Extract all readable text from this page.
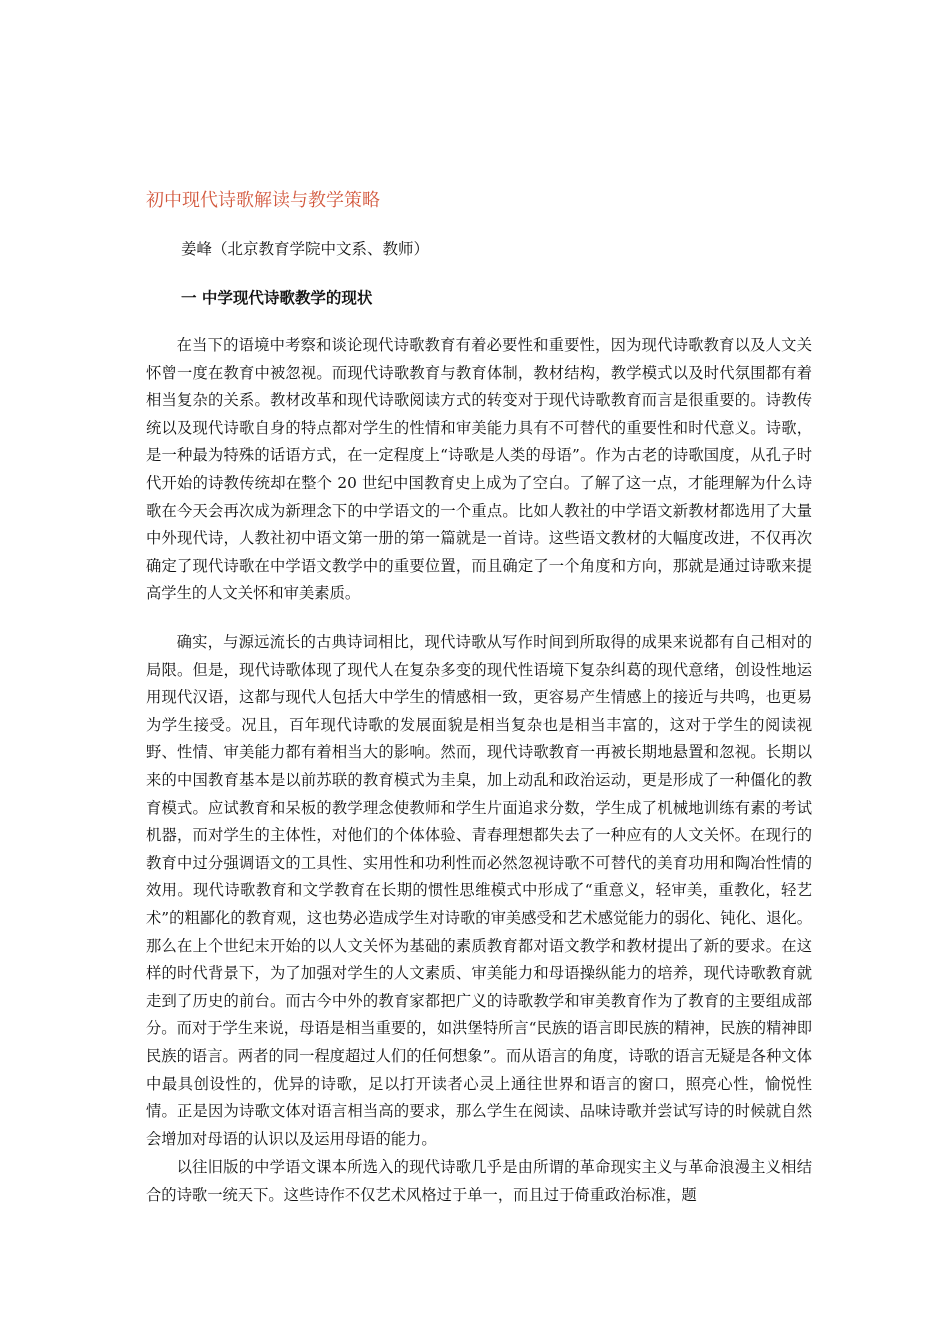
初中现代诗歌解读与教学策略
姜峰（北京教育学院中文系、教师）
一 中学现代诗歌教学的现状

在当下的语境中考察和谈论现代诗歌教育有着必要性和重要性，因为现代诗歌教育以及人文关怀曾一度在教育中被忽视。而现代诗歌教育与教育体制，教材结构，教学模式以及时代氛围都有着相当复杂的关系。教材改革和现代诗歌阅读方式的转变对于现代诗歌教育而言是很重要的。诗教传统以及现代诗歌自身的特点都对学生的性情和审美能力具有不可替代的重要性和时代意义。诗歌，是一种最为特殊的话语方式，在一定程度上“诗歌是人类的母语”。作为古老的诗歌国度，从孔子时代开始的诗教传统却在整个 20 世纪中国教育史上成为了空白。了解了这一点，才能理解为什么诗歌在今天会再次成为新理念下的中学语文的一个重点。比如人教社的中学语文新教材都选用了大量中外现代诗，人教社初中语文第一册的第一篇就是一首诗。这些语文教材的大幅度改进，不仅再次确定了现代诗歌在中学语文教学中的重要位置，而且确定了一个角度和方向，那就是通过诗歌来提高学生的人文关怀和审美素质。

确实，与源远流长的古典诗词相比，现代诗歌从写作时间到所取得的成果来说都有自己相对的局限。但是，现代诗歌体现了现代人在复杂多变的现代性语境下复杂纠葛的现代意绪，创设性地运用现代汉语，这都与现代人包括大中学生的情感相一致，更容易产生情感上的接近与共鸣，也更易为学生接受。况且，百年现代诗歌的发展面貌是相当复杂也是相当丰富的，这对于学生的阅读视野、性情、审美能力都有着相当大的影响。然而，现代诗歌教育一再被长期地悬置和忽视。长期以来的中国教育基本是以前苏联的教育模式为圭臬，加上动乱和政治运动，更是形成了一种僵化的教育模式。应试教育和呆板的教学理念使教师和学生片面追求分数，学生成了机械地训练有素的考试机器，而对学生的主体性，对他们的个体体验、青春理想都失去了一种应有的人文关怀。在现行的教育中过分强调语文的工具性、实用性和功利性而必然忽视诗歌不可替代的美育功用和陶冶性情的效用。现代诗歌教育和文学教育在长期的惯性思维模式中形成了“重意义，轻审美，重教化，轻艺术”的粗鄙化的教育观，这也势必造成学生对诗歌的审美感受和艺术感觉能力的弱化、钝化、退化。那么在上个世纪末开始的以人文关怀为基础的素质教育都对语文教学和教材提出了新的要求。在这样的时代背景下，为了加强对学生的人文素质、审美能力和母语操纵能力的培养，现代诗歌教育就走到了历史的前台。而古今中外的教育家都把广义的诗歌教学和审美教育作为了教育的主要组成部分。而对于学生来说，母语是相当重要的，如洪堡特所言“民族的语言即民族的精神，民族的精神即民族的语言。两者的同一程度超过人们的任何想象”。而从语言的角度，诗歌的语言无疑是各种文体中最具创设性的，优异的诗歌，足以打开读者心灵上通往世界和语言的窗口，照亮心性，愉悦性情。正是因为诗歌文体对语言相当高的要求，那么学生在阅读、品味诗歌并尝试写诗的时候就自然会增加对母语的认识以及运用母语的能力。

以往旧版的中学语文课本所选入的现代诗歌几乎是由所谓的革命现实主义与革命浪漫主义相结合的诗歌一统天下。这些诗作不仅艺术风格过于单一，而且过于倚重政治标准，题
